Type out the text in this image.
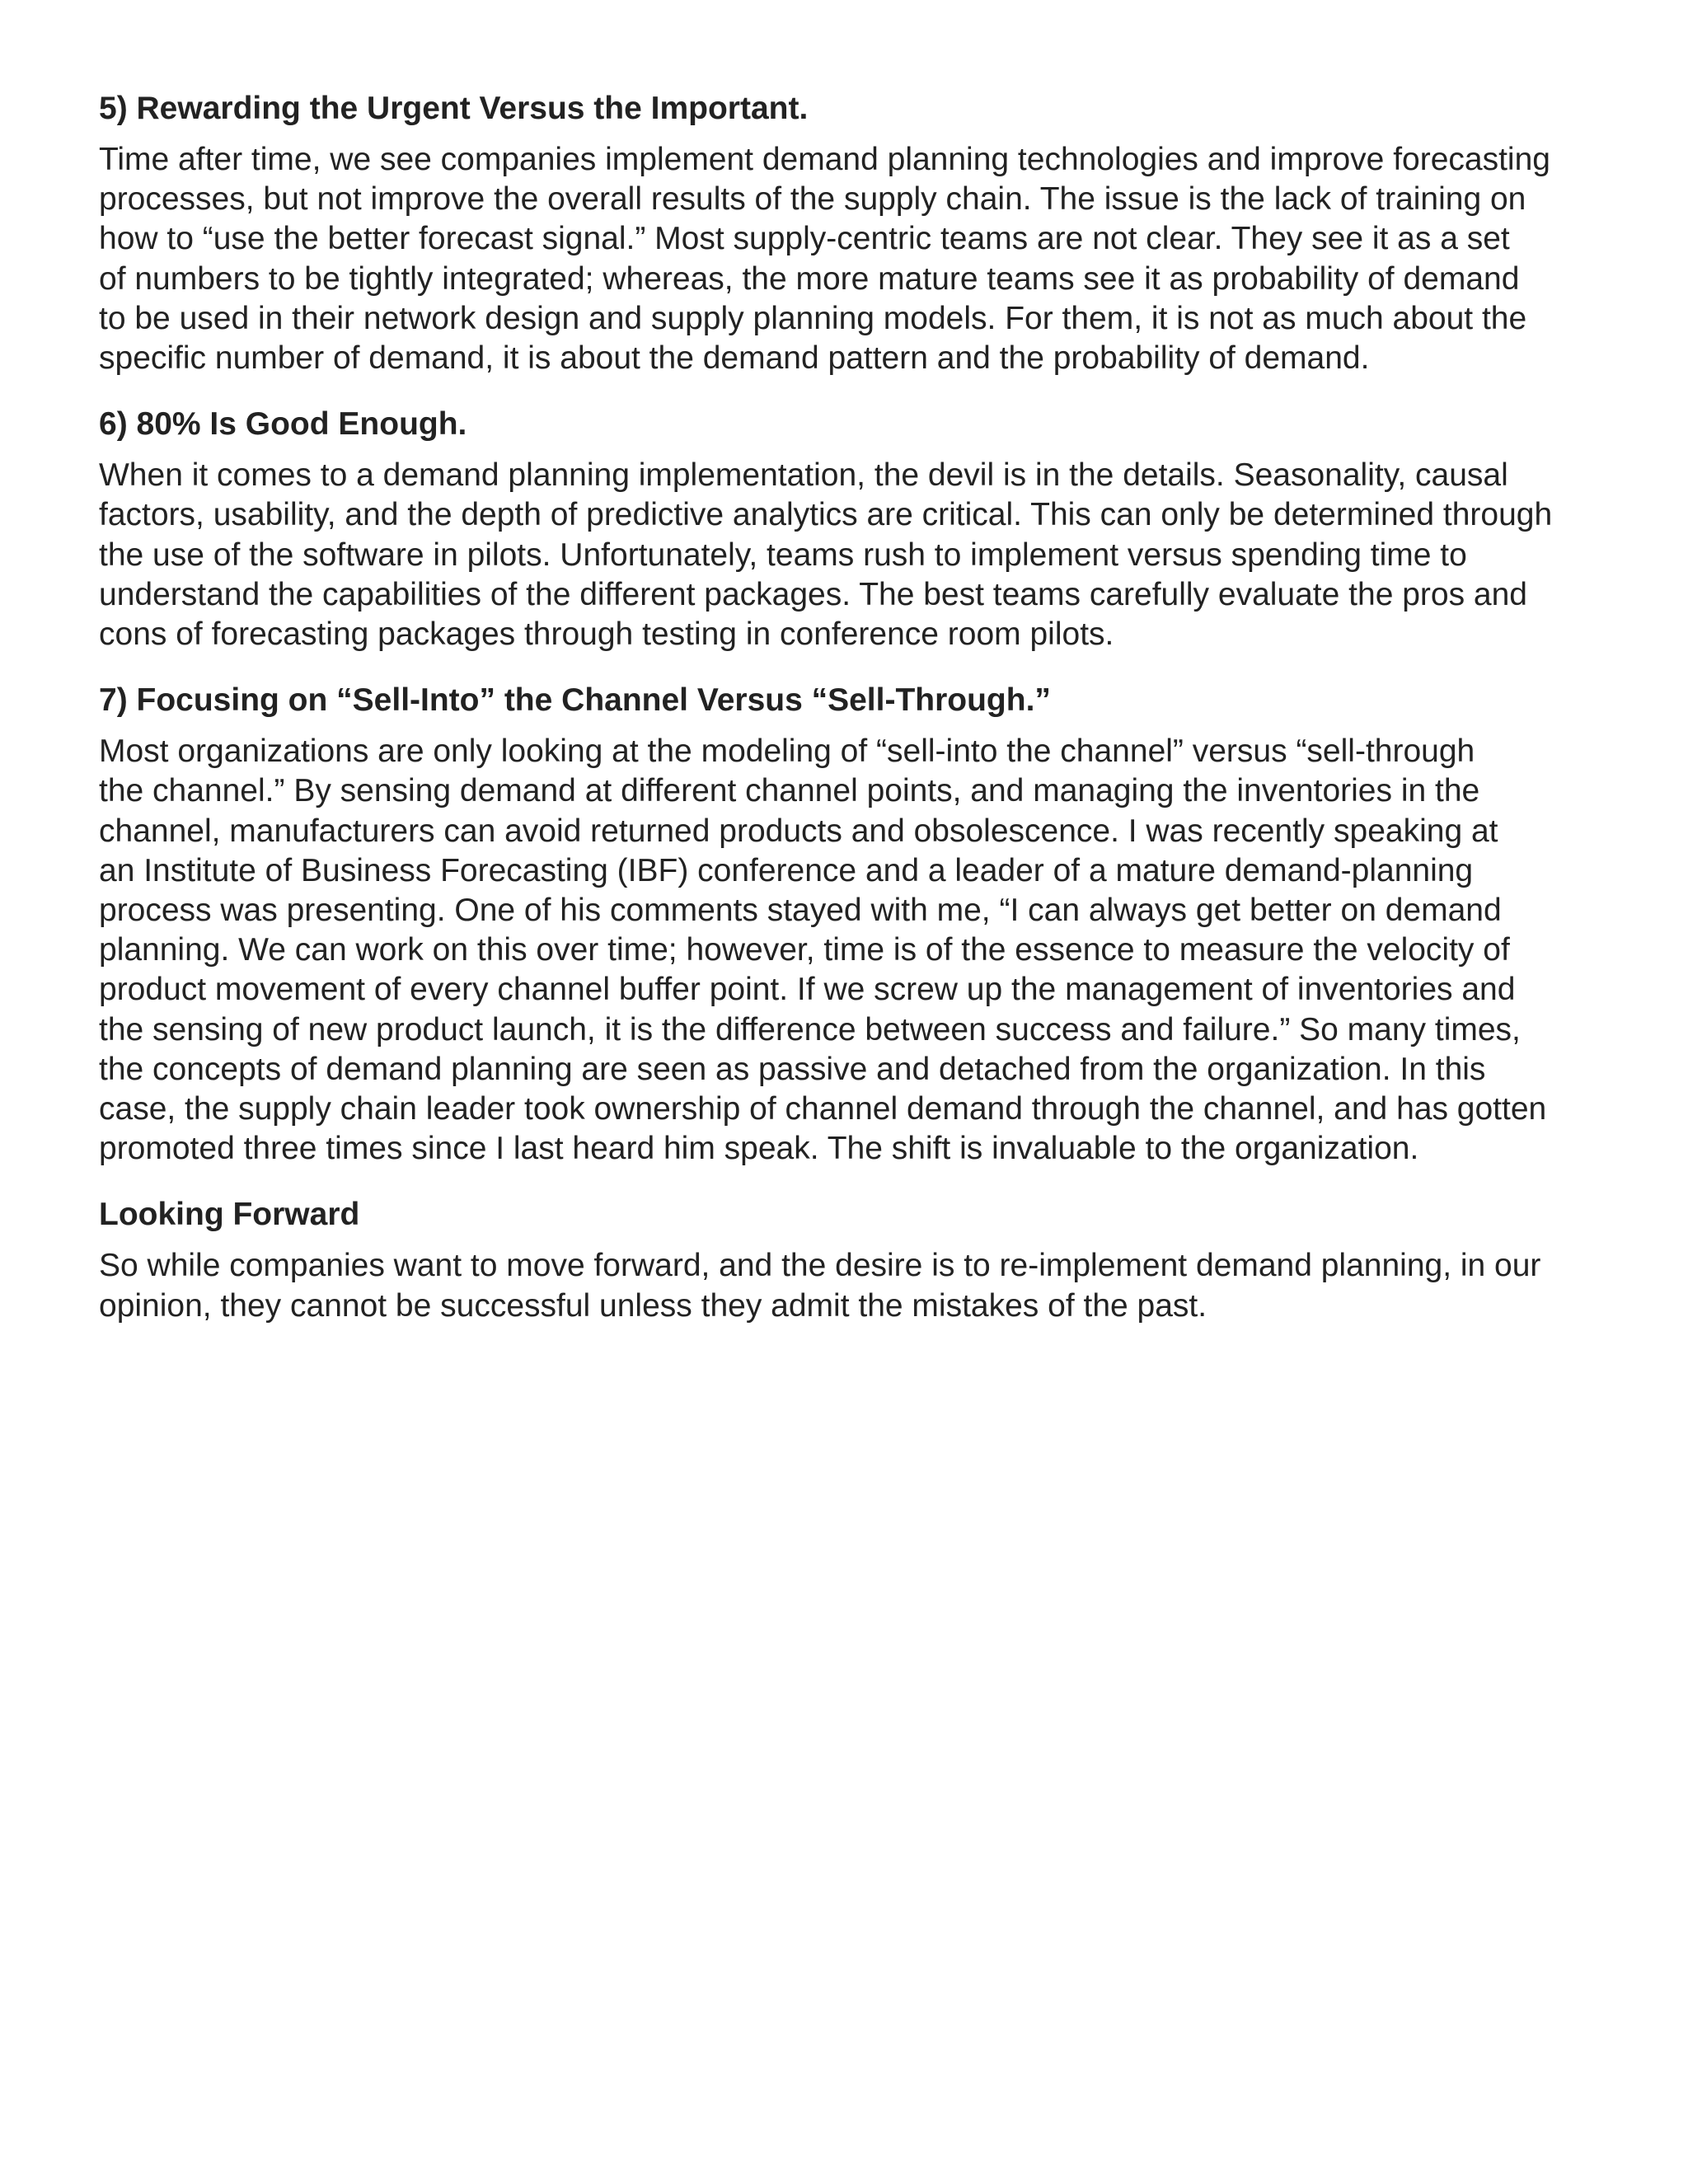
5) Rewarding the Urgent Versus the Important.

Time after time, we see companies implement demand planning technologies and improve forecasting
processes, but not improve the overall results of the supply chain. The issue is the lack of training on
how to “use the better forecast signal.” Most supply-centric teams are not clear. They see it as a set
of numbers to be tightly integrated; whereas, the more mature teams see it as probability of demand
to be used in their network design and supply planning models. For them, it is not as much about the
specific number of demand, it is about the demand pattern and the probability of demand.

6) 80% Is Good Enough.

When it comes to a demand planning implementation, the devil is in the details. Seasonality, causal
factors, usability, and the depth of predictive analytics are critical. This can only be determined through
the use of the software in pilots. Unfortunately, teams rush to implement versus spending time to
understand the capabilities of the different packages. The best teams carefully evaluate the pros and
cons of forecasting packages through testing in conference room pilots.

7) Focusing on “Sell-Into” the Channel Versus “Sell-Through.”

Most organizations are only looking at the modeling of “sell-into the channel” versus “sell-through
the channel.” By sensing demand at different channel points, and managing the inventories in the
channel, manufacturers can avoid returned products and obsolescence. I was recently speaking at
an Institute of Business Forecasting (IBF) conference and a leader of a mature demand-planning
process was presenting. One of his comments stayed with me, “I can always get better on demand
planning. We can work on this over time; however, time is of the essence to measure the velocity of
product movement of every channel buffer point. If we screw up the management of inventories and
the sensing of new product launch, it is the difference between success and failure.” So many times,
the concepts of demand planning are seen as passive and detached from the organization. In this
case, the supply chain leader took ownership of channel demand through the channel, and has gotten
promoted three times since I last heard him speak. The shift is invaluable to the organization.

Looking Forward

So while companies want to move forward, and the desire is to re-implement demand planning, in our
opinion, they cannot be successful unless they admit the mistakes of the past.
